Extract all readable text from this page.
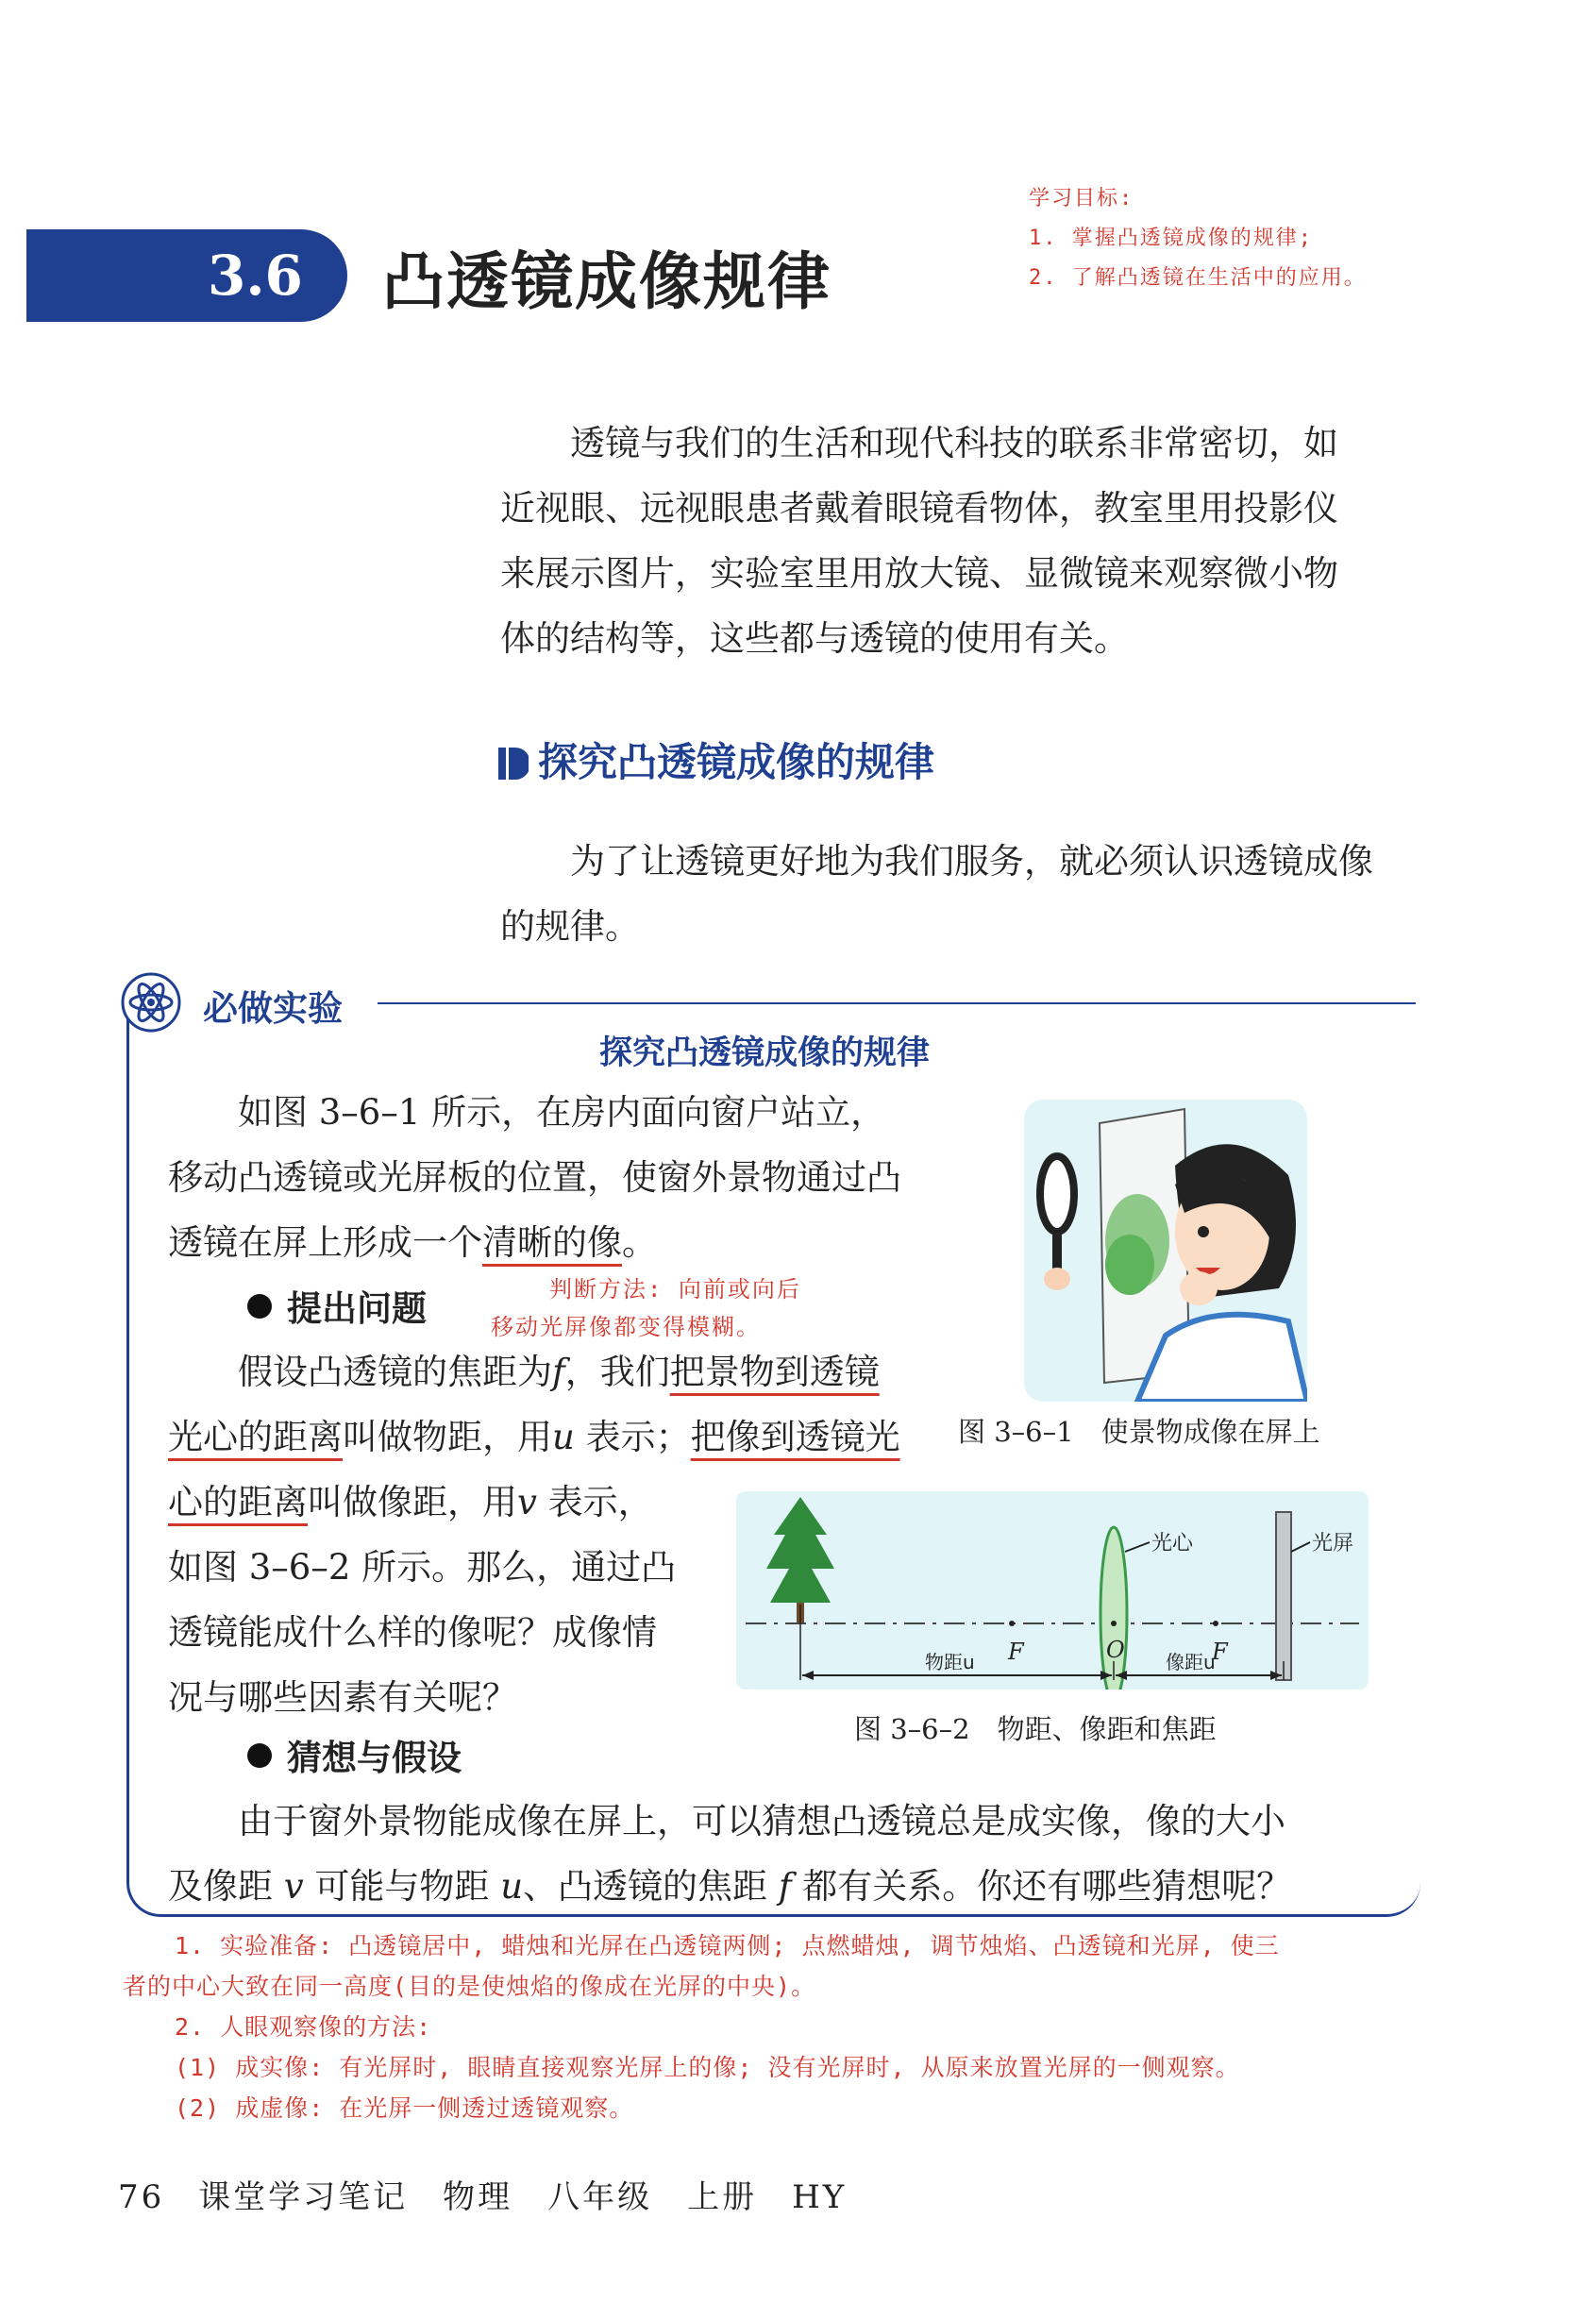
3.6 凸透镜成像规律
学习目标:
1. 掌握凸透镜成像的规律;
2. 了解凸透镜在生活中的应用。

透镜与我们的生活和现代科技的联系非常密切，如

近视眼、远视眼患者戴着眼镜看物体，教室里用投影仪

来展示图片，实验室里用放大镜、显微镜来观察微小物

体的结构等，这些都与透镜的使用有关。

探究凸透镜成像的规律

为了让透镜更好地为我们服务，就必须认识透镜成像

的规律。

必做实验
探究凸透镜成像的规律

如图 3–6–1 所示，在房内面向窗户站立，

移动凸透镜或光屏板的位置，使窗外景物通过凸

透镜在屏上形成一个清晰的像。

提出问题	判断方法: 向前或向后
移动光屏像都变得模糊。

假设凸透镜的焦距为f，我们把景物到透镜

光心的距离叫做物距，用u 表示；把像到透镜光

心的距离叫做像距，用v 表示，

如图 3–6–2 所示。那么，通过凸

透镜能成什么样的像呢？成像情

况与哪些因素有关呢？

猜想与假设

由于窗外景物能成像在屏上，可以猜想凸透镜总是成实像，像的大小

及像距 v 可能与物距 u、凸透镜的焦距 f 都有关系。你还有哪些猜想呢？

图 3–6–1　使景物成像在屏上
F	O	F
光心	光屏
物距u	像距u
图 3–6–2　物距、像距和焦距

1. 实验准备: 凸透镜居中, 蜡烛和光屏在凸透镜两侧; 点燃蜡烛, 调节烛焰、凸透镜和光屏, 使三

者的中心大致在同一高度(目的是使烛焰的像成在光屏的中央)。

2. 人眼观察像的方法:

(1) 成实像: 有光屏时, 眼睛直接观察光屏上的像; 没有光屏时, 从原来放置光屏的一侧观察。

(2) 成虚像: 在光屏一侧透过透镜观察。

76 课堂学习笔记　物理　八年级　上册　HY
